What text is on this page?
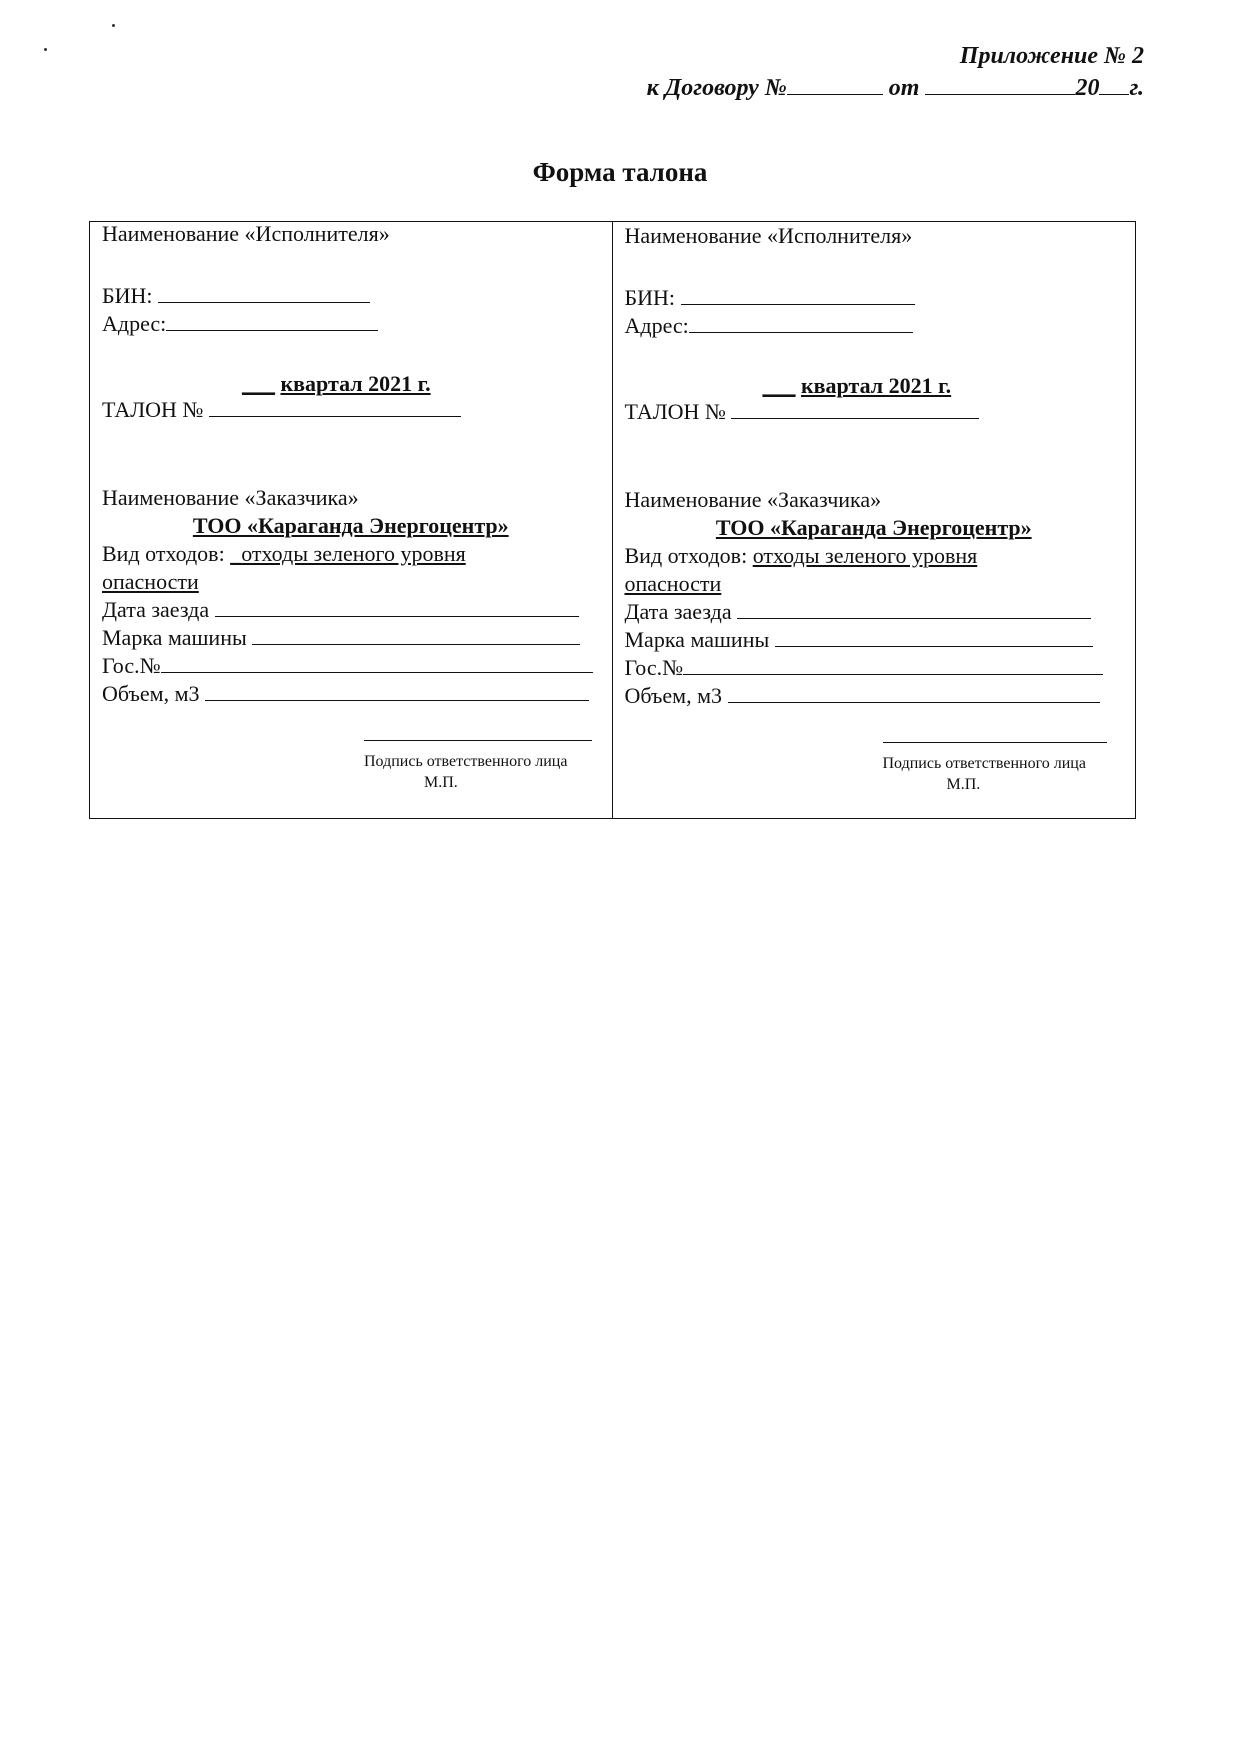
Приложение № 2
к Договору №	от	20 г.
Форма талона
Наименование «Исполнителя»
БИН:
Адрес:
___ квартал 2021 г.
ТАЛОН №
Наименование «Заказчика»
ТОО «Караганда Энергоцентр»
Вид отходов: _отходы зеленого уровня
опасности
Дата заезда
Марка машины
Гос.№
Объем, м3
Подпись ответственного лица
М.П.
Наименование «Исполнителя»
БИН:
Адрес:
___ квартал 2021 г.
ТАЛОН №
Наименование «Заказчика»
ТОО «Караганда Энергоцентр»
Вид отходов: отходы зеленого уровня
опасности
Дата заезда
Марка машины
Гос.№
Объем, м3
Подпись ответственного лица
М.П.
